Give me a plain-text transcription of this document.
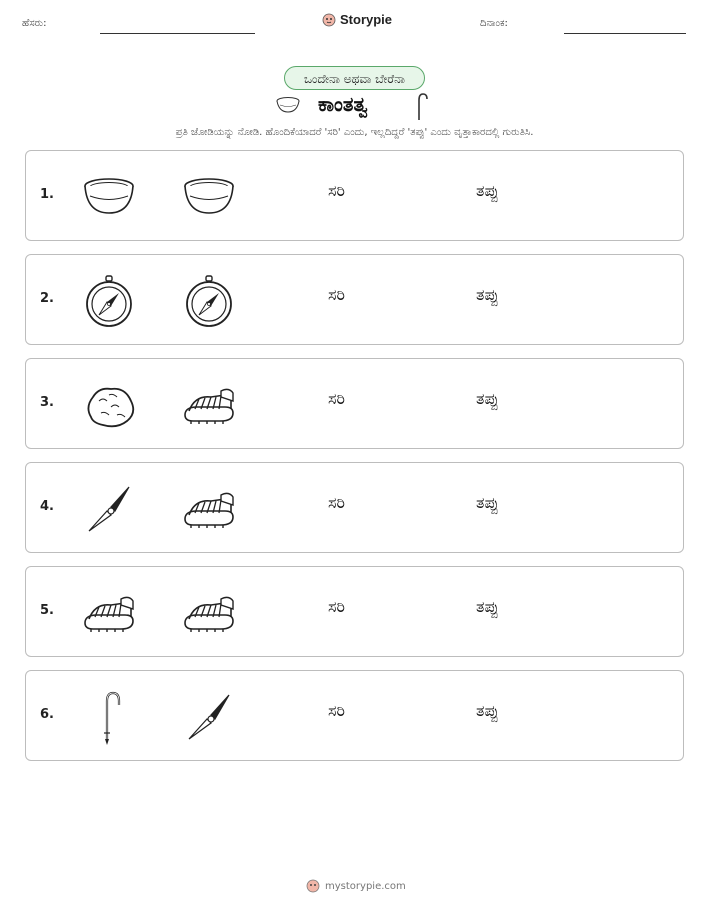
ಹೆಸರು:	Storypie	ದಿನಾಂಕ:
ಒಂದೇನಾ ಅಥವಾ ಬೇರೆನಾ
ಕಾಂತತ್ವ
ಪ್ರತಿ ಜೋಡಿಯನ್ನು ನೋಡಿ. ಹೊಂದಿಕೆಯಾದರೆ 'ಸರಿ' ಎಂದು, ಇಲ್ಲದಿದ್ದರೆ 'ತಪ್ಪು' ಎಂದು ವೃತ್ತಾಕಾರದಲ್ಲಿ ಗುರುತಿಸಿ.
1.	ಸರಿ	ತಪ್ಪು
2.	ಸರಿ	ತಪ್ಪು
3.	ಸರಿ	ತಪ್ಪು
4.	ಸರಿ	ತಪ್ಪು
5.	ಸರಿ	ತಪ್ಪು
6.	ಸರಿ	ತಪ್ಪು
mystorypie.com
